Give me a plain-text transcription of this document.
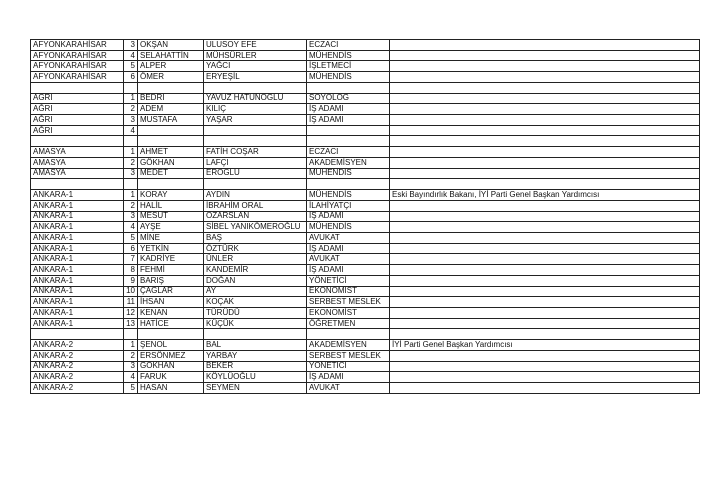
AFYONKARAHİSAR	3	OKŞAN	ULUSOY EFE	ECZACI	
AFYONKARAHİSAR	4	SELAHATTİN	MÜHSÜRLER	MÜHENDİS	
AFYONKARAHİSAR	5	ALPER	YAĞCI	İŞLETMECİ	
AFYONKARAHİSAR	6	ÖMER	ERYEŞİL	MÜHENDİS	

AĞRI	1	BEDRİ	YAVUZ HATUNOĞLU	SOYOLOG	
AĞRI	2	ADEM	KILIÇ	İŞ ADAMI	
AĞRI	3	MUSTAFA	YAŞAR	İŞ ADAMI	
AĞRI	4				

AMASYA	1	AHMET	FATİH COŞAR	ECZACI	
AMASYA	2	GÖKHAN	LAFÇI	AKADEMİSYEN	
AMASYA	3	MEDET	EROĞLU	MÜHENDİS	

ANKARA-1	1	KORAY	AYDIN	MÜHENDİS	Eski Bayındırlık Bakanı, İYİ Parti Genel Başkan Yardımcısı
ANKARA-1	2	HALİL	İBRAHİM ORAL	İLAHİYATÇI	
ANKARA-1	3	MESUT	ÖZARSLAN	İŞ ADAMI	
ANKARA-1	4	AYŞE	SİBEL YANIKÖMEROĞLU	MÜHENDİS	
ANKARA-1	5	MİNE	BAŞ	AVUKAT	
ANKARA-1	6	YETKİN	ÖZTÜRK	İŞ ADAMI	
ANKARA-1	7	KADRİYE	ÜNLER	AVUKAT	
ANKARA-1	8	FEHMİ	KANDEMİR	İŞ ADAMI	
ANKARA-1	9	BARIŞ	DOĞAN	YÖNETİCİ	
ANKARA-1	10	ÇAĞLAR	AY	EKONOMİST	
ANKARA-1	11	İHSAN	KOÇAK	SERBEST MESLEK	
ANKARA-1	12	KENAN	TÜRÜDÜ	EKONOMİST	
ANKARA-1	13	HATİCE	KÜÇÜK	ÖĞRETMEN	

ANKARA-2	1	ŞENOL	BAL	AKADEMİSYEN	İYİ Parti Genel Başkan Yardımcısı
ANKARA-2	2	ERSÖNMEZ	YARBAY	SERBEST MESLEK	
ANKARA-2	3	GÖKHAN	BEKER	YÖNETİCİ	
ANKARA-2	4	FARUK	KÖYLÜOĞLU	İŞ ADAMI	
ANKARA-2	5	HASAN	SEYMEN	AVUKAT	
